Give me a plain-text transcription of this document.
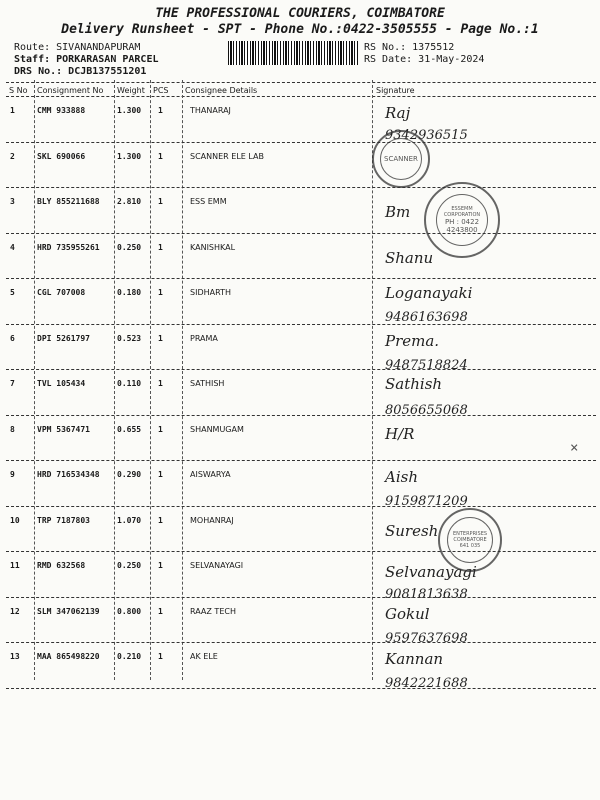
THE PROFESSIONAL COURIERS, COIMBATORE
Delivery Runsheet - SPT - Phone No.:0422-3505555 - Page No.:1
Route: SIVANANDAPURAM
Staff: PORKARASAN PARCEL
DRS No.: DCJB137551201
RS No.: 1375512
RS Date: 31-May-2024
S No Consignment No Weight PCS Consignee Details	Signature
1	CMM 933888	1.300 1	THANARAJ	Raj
9342936515
2	SKL 690066	1.300 1	SCANNER ELE LAB
3	BLY 855211688 2.810 1	ESS EMM
Bm
4	HRD 735955261 0.250 1	KANISHKAL
Shanu
5	CGL 707008	0.180 1	SIDHARTH	Loganayaki
9486163698
6	DPI 5261797	0.523 1	PRAMA	Prema.
9487518824
7	TVL 105434	0.110 1	SATHISH	Sathish
8056655068
8	VPM 5367471	0.655 1	SHANMUGAM	H/R
9	HRD 716534348 0.290 1	AISWARYA	Aish
9159871209
10 TRP 7187803	1.070 1	MOHANRAJ
Suresh
11 RMD 632568	0.250 1	SELVANAYAGI	Selvanayagi
9081813638
12 SLM 347062139 0.800 1	RAAZ TECH	Gokul
9597637698
13 MAA 865498220 0.210 1	AK ELE	Kannan
9842221688
SCANNER
ESSEMM CORPORATION
PH : 0422
4243800
ENTERPRISES
COIMBATORE
641 035
×
